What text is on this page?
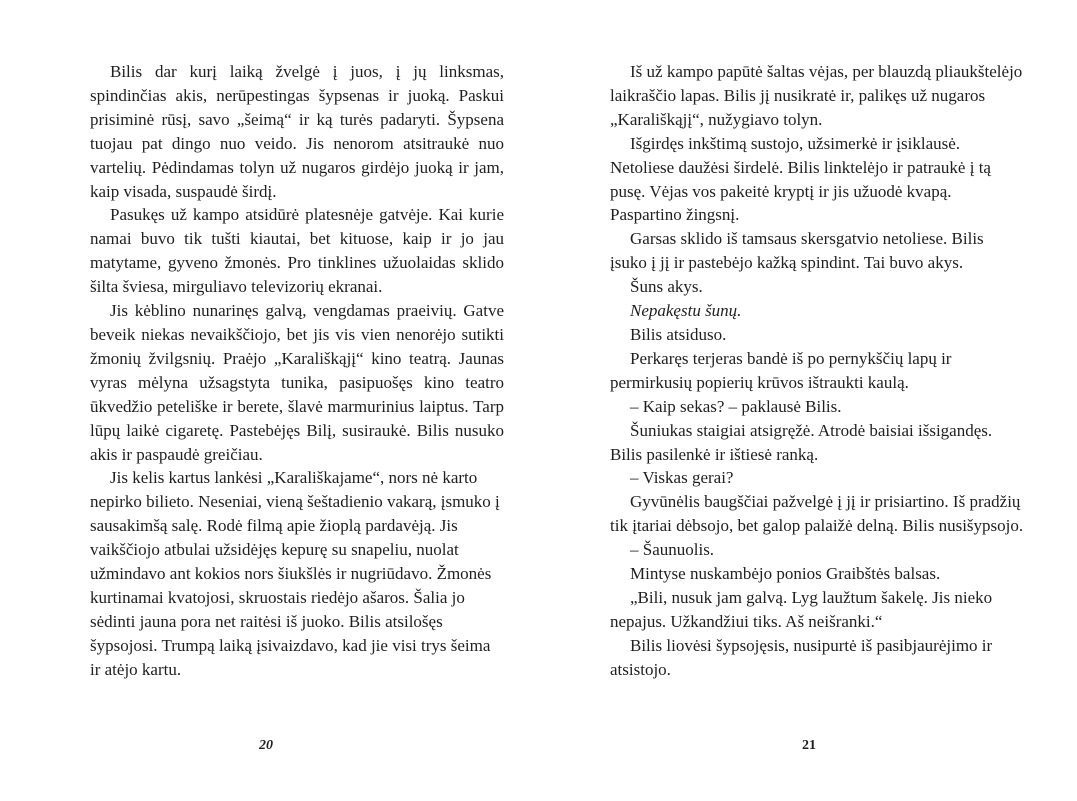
Bilis dar kurį laiką žvelgė į juos, į jų linksmas, spindinčias akis, nerūpestingas šypsenas ir juoką. Paskui prisiminė rūsį, savo „šeimą“ ir ką turės padaryti. Šypsena tuojau pat dingo nuo veido. Jis nenorom atsitraukė nuo vartelių. Pėdindamas tolyn už nugaros girdėjo juoką ir jam, kaip visada, suspaudė širdį.

Pasukęs už kampo atsidūrė platesnėje gatvėje. Kai kurie namai buvo tik tušti kiautai, bet kituose, kaip ir jo jau matytame, gyveno žmonės. Pro tinklines užuolaidas sklido šilta šviesa, mirguliavo televizorių ekranai.

Jis kėblino nunarinęs galvą, vengdamas praeivių. Gatve beveik niekas nevaikščiojo, bet jis vis vien nenorėjo sutikti žmonių žvilgsnių. Praėjo „Karališkąjį“ kino teatrą. Jaunas vyras mėlyna užsagstyta tunika, pasipuošęs kino teatro ūkvedžio peteliške ir berete, šlavė marmurinius laiptus. Tarp lūpų laikė cigaretę. Pastebėjęs Bilį, susiraukė. Bilis nusuko akis ir paspaudė greičiau.

Jis kelis kartus lankėsi „Karališkajame“, nors nė karto nepirko bilieto. Neseniai, vieną šeštadienio vakarą, įsmuko į sausakimšą salę. Rodė filmą apie žioplą pardavėją. Jis vaikščiojo atbulai užsidėjęs kepurę su snapeliu, nuolat užmindavo ant kokios nors šiukšlės ir nugriūdavo. Žmonės kurtinamai kvatojosi, skruostais riedėjo ašaros. Šalia jo sėdinti jauna pora net raitėsi iš juoko. Bilis atsilošęs šypsojosi. Trumpą laiką įsivaizdavo, kad jie visi trys šeima ir atėjo kartu.

20

Iš už kampo papūtė šaltas vėjas, per blauzdą pliaukštelėjo laikraščio lapas. Bilis jį nusikratė ir, palikęs už nugaros „Karališkąjį“, nužygiavo tolyn.

Išgirdęs inkštimą sustojo, užsimerkė ir įsiklausė. Netoliese daužėsi širdelė. Bilis linktelėjo ir patraukė į tą pusę. Vėjas vos pakeitė kryptį ir jis užuodė kvapą. Paspartino žingsnį.

Garsas sklido iš tamsaus skersgatvio netoliese. Bilis įsuko į jį ir pastebėjo kažką spindint. Tai buvo akys.

Šuns akys.

Nepakęstu šunų.

Bilis atsiduso.

Perkaręs terjeras bandė iš po pernykščių lapų ir permirkusių popierių krūvos ištraukti kaulą.

– Kaip sekas? – paklausė Bilis.

Šuniukas staigiai atsigręžė. Atrodė baisiai išsigandęs. Bilis pasilenkė ir ištiesė ranką.

– Viskas gerai?

Gyvūnėlis baugščiai pažvelgė į jį ir prisiartino. Iš pradžių tik įtariai dėbsojo, bet galop palaižė delną. Bilis nusišypsojo.

– Šaunuolis.

Mintyse nuskambėjo ponios Graibštės balsas.

„Bili, nusuk jam galvą. Lyg laužtum šakelę. Jis nieko nepajus. Užkandžiui tiks. Aš neišranki.“

Bilis liovėsi šypsojęsis, nusipurtė iš pasibjaurėjimo ir atsistojo.

21
